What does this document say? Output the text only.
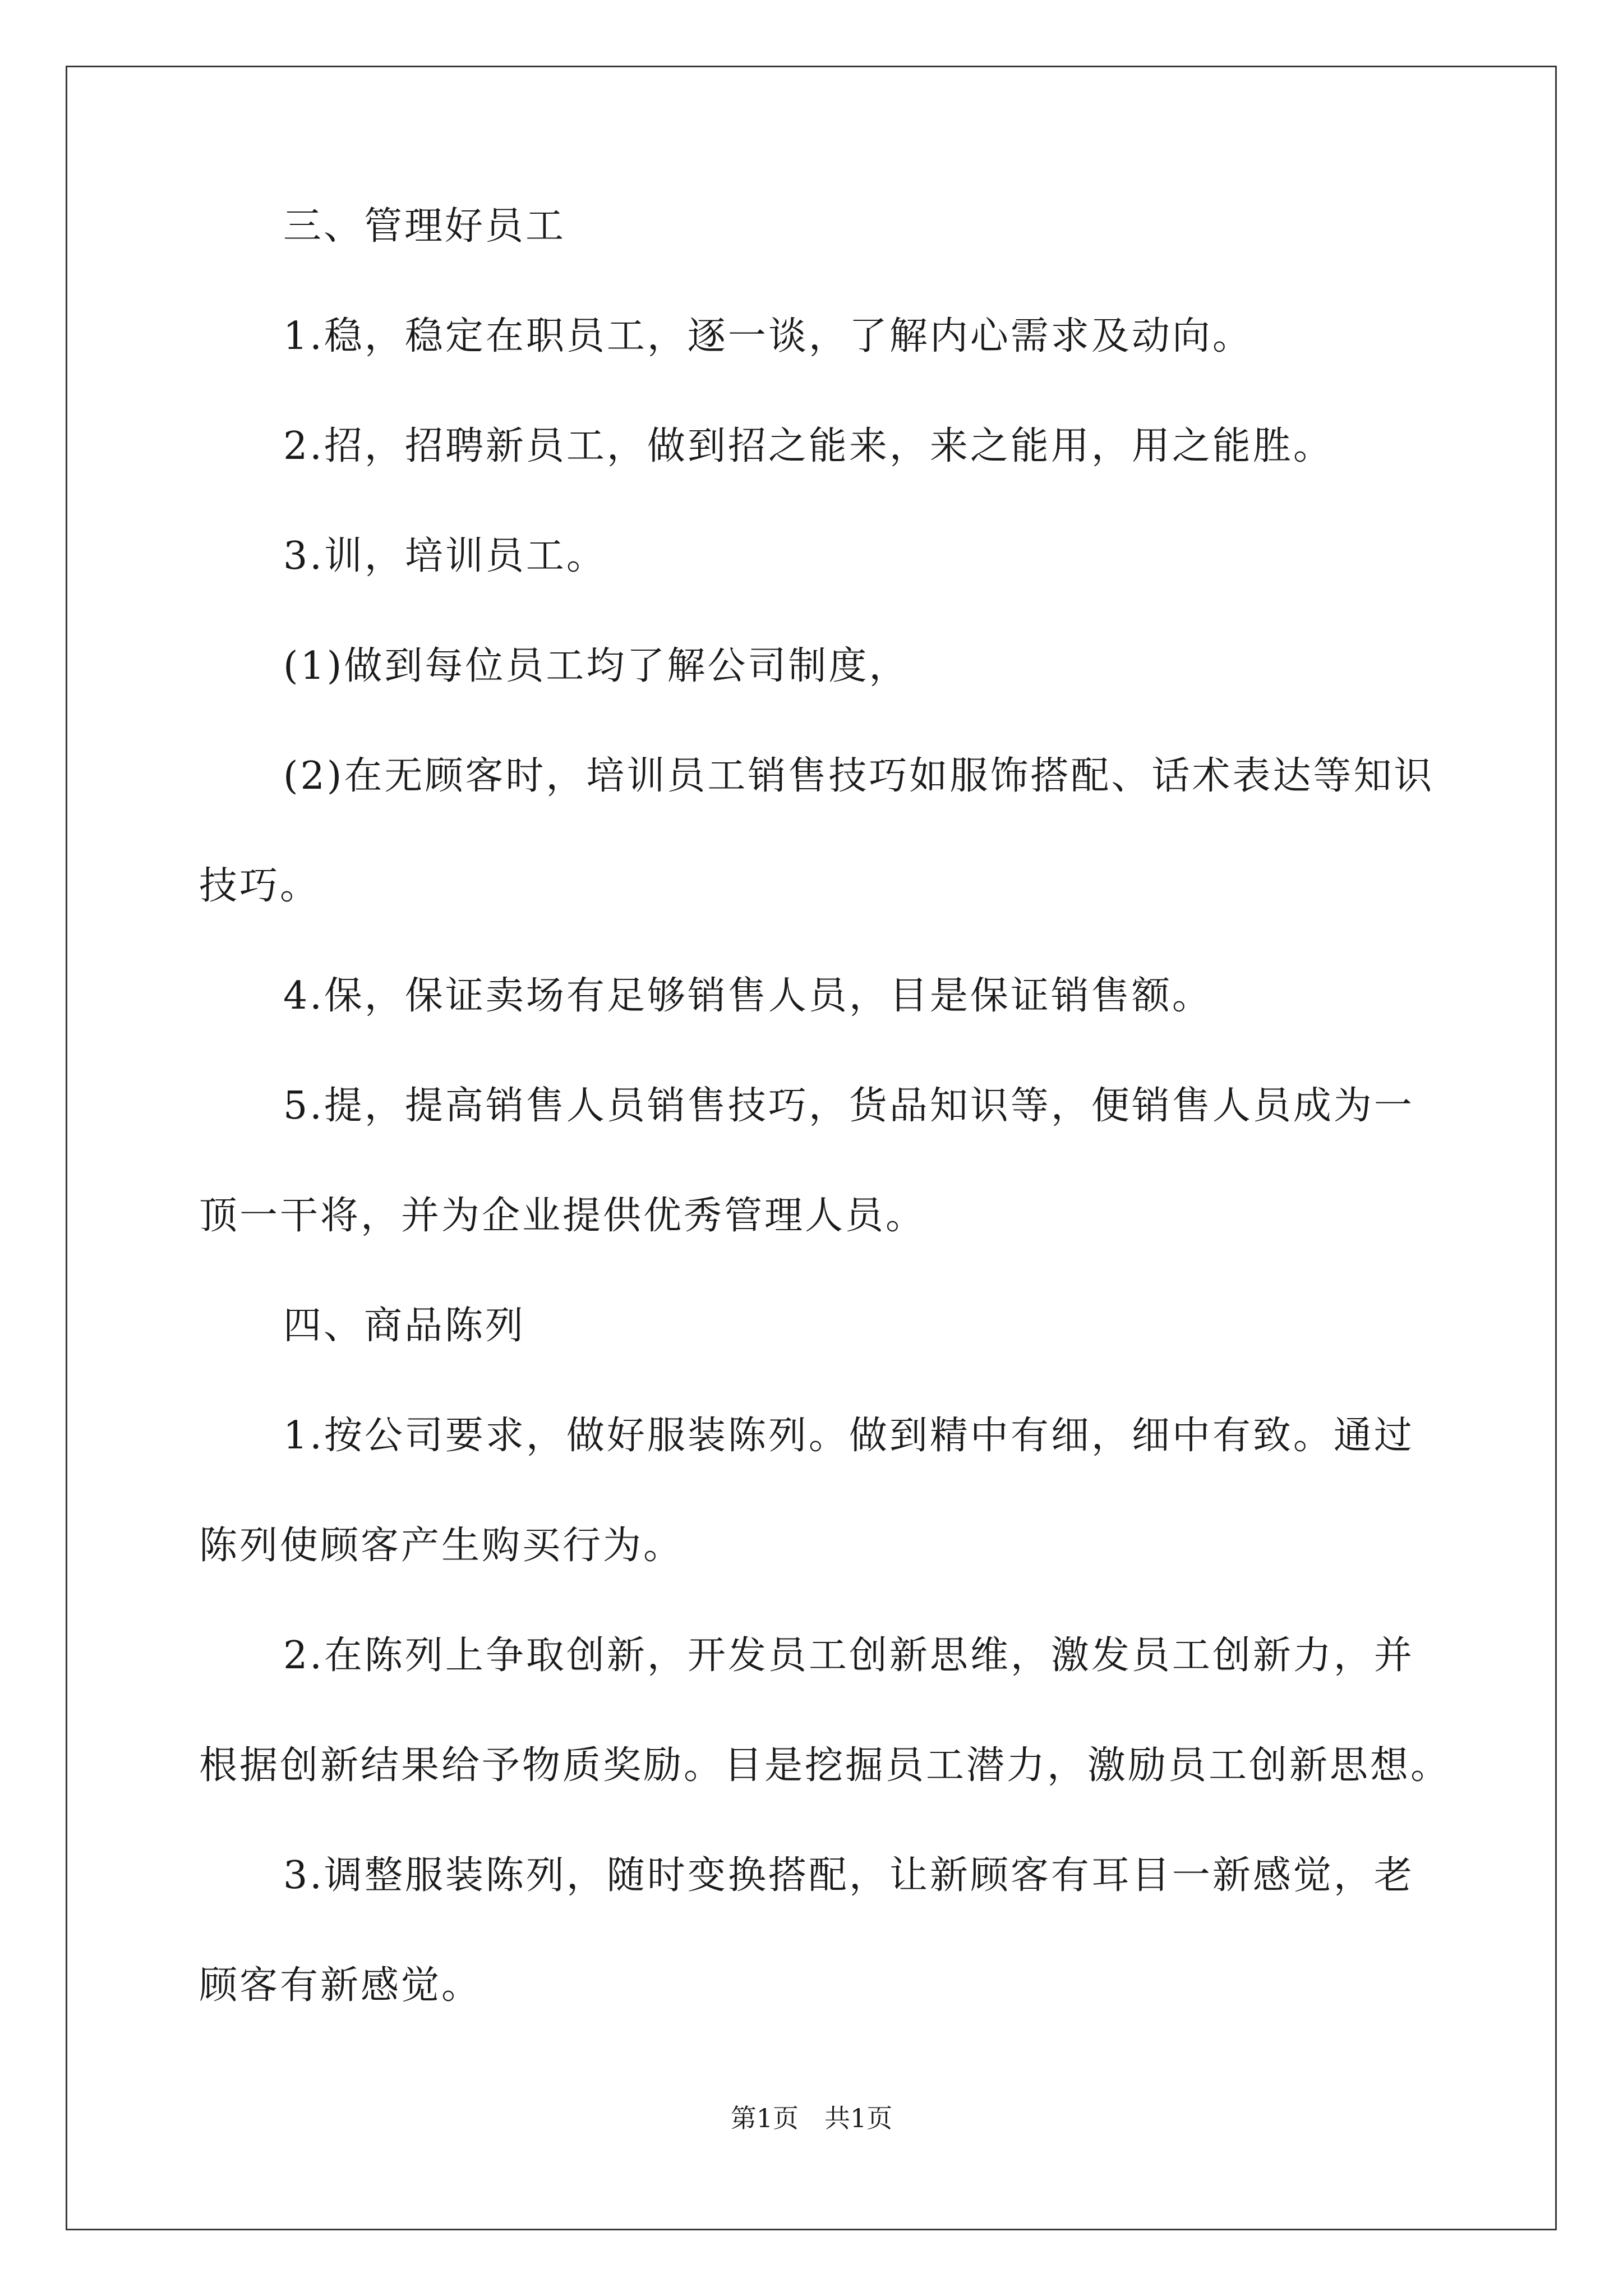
三、管理好员工
1.稳，稳定在职员工，逐一谈，了解内心需求及动向。
2.招，招聘新员工，做到招之能来，来之能用，用之能胜。
3.训，培训员工。
(1)做到每位员工均了解公司制度，
(2)在无顾客时，培训员工销售技巧如服饰搭配、话术表达等知识
技巧。
4.保，保证卖场有足够销售人员，目是保证销售额。
5.提，提高销售人员销售技巧，货品知识等，便销售人员成为一
顶一干将，并为企业提供优秀管理人员。
四、商品陈列
1.按公司要求，做好服装陈列。做到精中有细，细中有致。通过
陈列使顾客产生购买行为。
2.在陈列上争取创新，开发员工创新思维，激发员工创新力，并
根据创新结果给予物质奖励。目是挖掘员工潜力，激励员工创新思想。
3.调整服装陈列，随时变换搭配，让新顾客有耳目一新感觉，老
顾客有新感觉。
第1页　共1页
